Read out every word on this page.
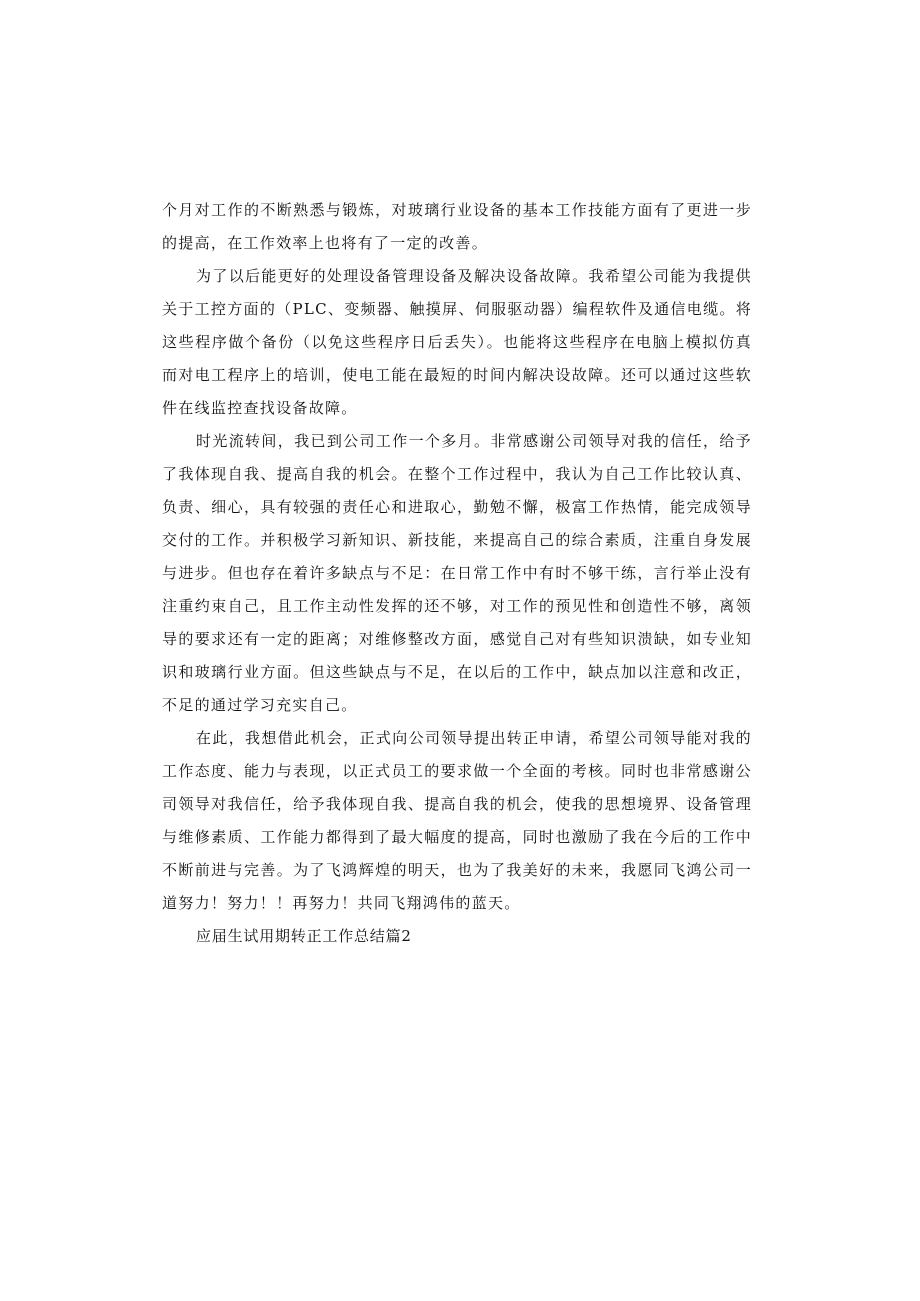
个月对工作的不断熟悉与锻炼，对玻璃行业设备的基本工作技能方面有了更进一步的提高，在工作效率上也将有了一定的改善。

为了以后能更好的处理设备管理设备及解决设备故障。我希望公司能为我提供关于工控方面的（PLC、变频器、触摸屏、伺服驱动器）编程软件及通信电缆。将这些程序做个备份（以免这些程序日后丢失）。也能将这些程序在电脑上模拟仿真而对电工程序上的培训，使电工能在最短的时间内解决设故障。还可以通过这些软件在线监控查找设备故障。

时光流转间，我已到公司工作一个多月。非常感谢公司领导对我的信任，给予了我体现自我、提高自我的机会。在整个工作过程中，我认为自己工作比较认真、负责、细心，具有较强的责任心和进取心，勤勉不懈，极富工作热情，能完成领导交付的工作。并积极学习新知识、新技能，来提高自己的综合素质，注重自身发展与进步。但也存在着许多缺点与不足：在日常工作中有时不够干练，言行举止没有注重约束自己，且工作主动性发挥的还不够，对工作的预见性和创造性不够，离领导的要求还有一定的距离；对维修整改方面，感觉自己对有些知识溃缺，如专业知识和玻璃行业方面。但这些缺点与不足，在以后的工作中，缺点加以注意和改正，不足的通过学习充实自己。

在此，我想借此机会，正式向公司领导提出转正申请，希望公司领导能对我的工作态度、能力与表现，以正式员工的要求做一个全面的考核。同时也非常感谢公司领导对我信任，给予我体现自我、提高自我的机会，使我的思想境界、设备管理与维修素质、工作能力都得到了最大幅度的提高，同时也激励了我在今后的工作中不断前进与完善。为了飞鸿辉煌的明天，也为了我美好的未来，我愿同飞鸿公司一道努力！努力！！再努力！共同飞翔鸿伟的蓝天。

应届生试用期转正工作总结篇2
